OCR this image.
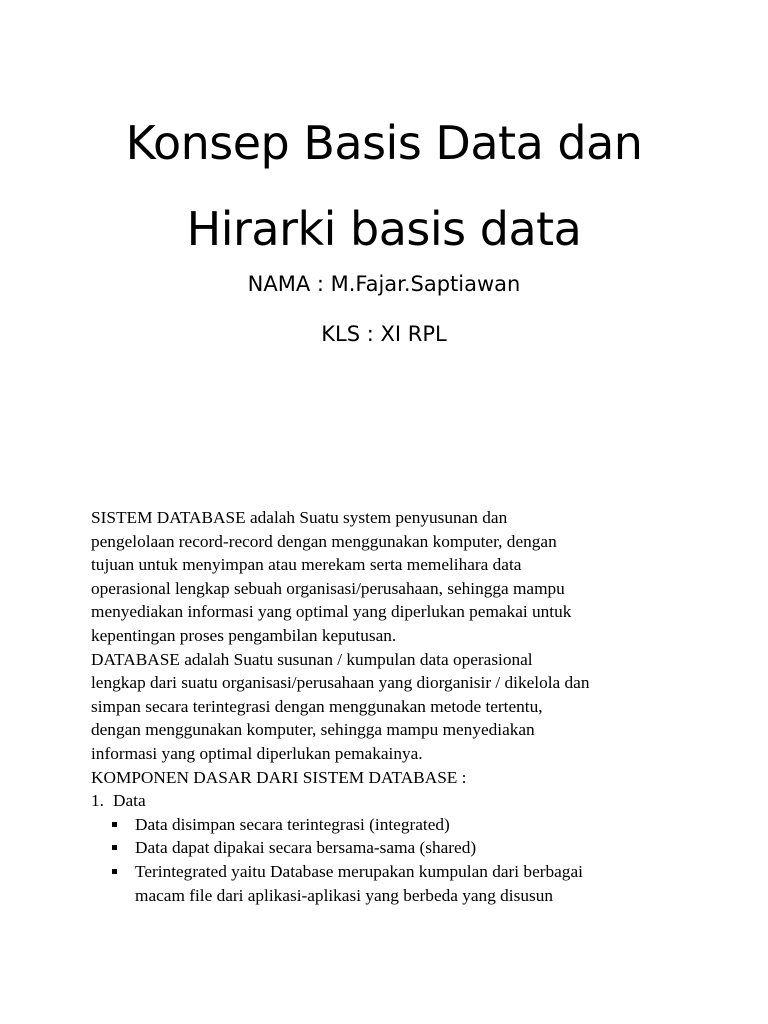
Konsep Basis Data dan
Hirarki basis data
NAMA : M.Fajar.Saptiawan
KLS : XI RPL
SISTEM DATABASE adalah Suatu system penyusunan dan
pengelolaan record-record dengan menggunakan komputer, dengan
tujuan untuk menyimpan atau merekam serta memelihara data
operasional lengkap sebuah organisasi/perusahaan, sehingga mampu
menyediakan informasi yang optimal yang diperlukan pemakai untuk
kepentingan proses pengambilan keputusan.
DATABASE adalah Suatu susunan / kumpulan data operasional
lengkap dari suatu organisasi/perusahaan yang diorganisir / dikelola dan
simpan secara terintegrasi dengan menggunakan metode tertentu,
dengan menggunakan komputer, sehingga mampu menyediakan
informasi yang optimal diperlukan pemakainya.
KOMPONEN DASAR DARI SISTEM DATABASE :
1. Data
Data disimpan secara terintegrasi (integrated)
Data dapat dipakai secara bersama-sama (shared)
Terintegrated yaitu Database merupakan kumpulan dari berbagai
macam file dari aplikasi-aplikasi yang berbeda yang disusun
